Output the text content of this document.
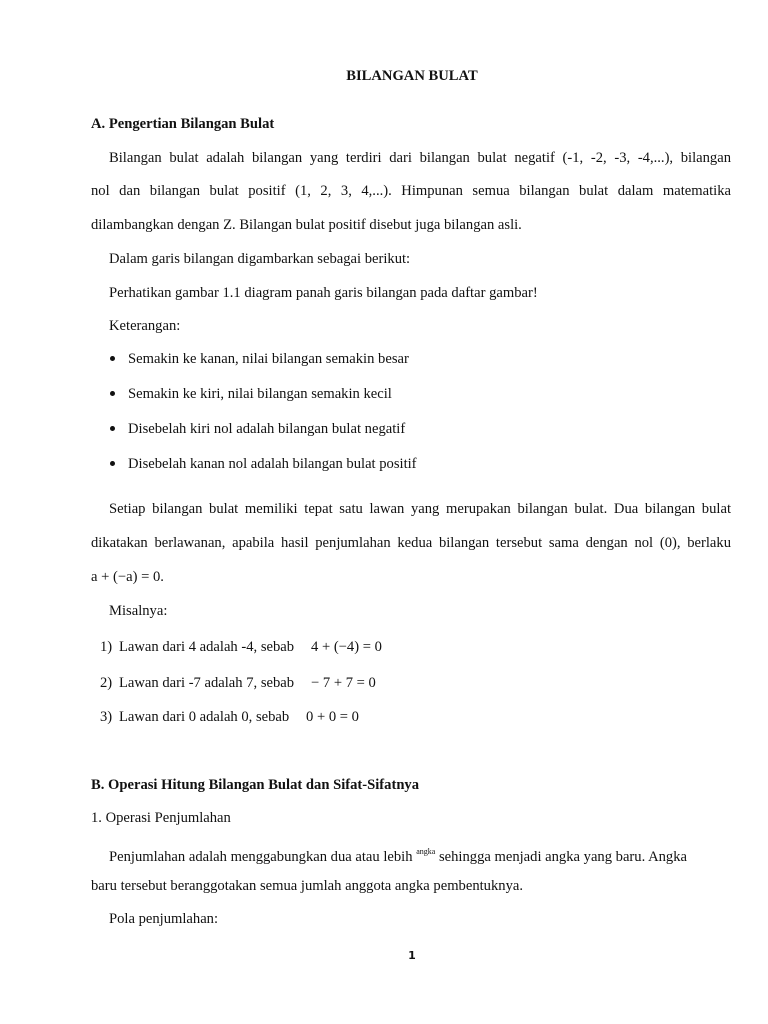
BILANGAN BULAT
A. Pengertian Bilangan Bulat
Bilangan bulat adalah bilangan yang terdiri dari bilangan bulat negatif (-1, -2, -3, -4,...), bilangan
nol dan bilangan bulat positif (1, 2, 3, 4,...). Himpunan semua bilangan bulat dalam matematika
dilambangkan dengan Z. Bilangan bulat positif disebut juga bilangan asli.
Dalam garis bilangan digambarkan sebagai berikut:
Perhatikan gambar 1.1 diagram panah garis bilangan pada daftar gambar!
Keterangan:
Semakin ke kanan, nilai bilangan semakin besar
Semakin ke kiri, nilai bilangan semakin kecil
Disebelah kiri nol adalah bilangan bulat negatif
Disebelah kanan nol adalah bilangan bulat positif
Setiap bilangan bulat memiliki tepat satu lawan yang merupakan bilangan bulat. Dua bilangan bulat
dikatakan berlawanan, apabila hasil penjumlahan kedua bilangan tersebut sama dengan nol (0), berlaku
a + (−a) = 0.
Misalnya:
1) Lawan dari 4 adalah -4, sebab 4 + (−4) = 0
2) Lawan dari -7 adalah 7, sebab − 7 + 7 = 0
3) Lawan dari 0 adalah 0, sebab 0 + 0 = 0
B. Operasi Hitung Bilangan Bulat dan Sifat-Sifatnya
1. Operasi Penjumlahan
Penjumlahan adalah menggabungkan dua atau lebih $^{angka}$ sehingga menjadi angka yang baru. Angka
baru tersebut beranggotakan semua jumlah anggota angka pembentuknya.
Pola penjumlahan:
1
